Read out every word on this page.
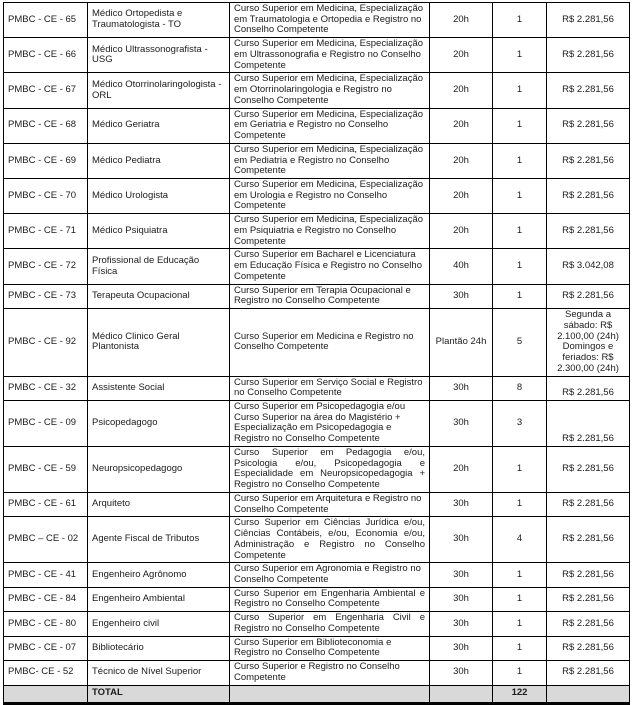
PMBC - CE - 65	Médico Ortopedista e Traumatologista - TO	Curso Superior em Medicina, Especialização em Traumatologia e Ortopedia e Registro no Conselho Competente	20h	1	R$ 2.281,56
PMBC - CE - 66	Médico Ultrassonografista - USG	Curso Superior em Medicina, Especialização em Ultrassonografia e Registro no Conselho Competente	20h	1	R$ 2.281,56
PMBC - CE - 67	Médico Otorrinolaringologista - ORL	Curso Superior em Medicina, Especialização em Otorrinolaringologia e Registro no Conselho Competente	20h	1	R$ 2.281,56
PMBC - CE - 68	Médico Geriatra	Curso Superior em Medicina, Especialização em Geriatria e Registro no Conselho Competente	20h	1	R$ 2.281,56
PMBC - CE - 69	Médico Pediatra	Curso Superior em Medicina, Especialização em Pediatria e Registro no Conselho Competente	20h	1	R$ 2.281,56
PMBC - CE - 70	Médico Urologista	Curso Superior em Medicina, Especialização em Urologia e Registro no Conselho Competente	20h	1	R$ 2.281,56
PMBC - CE - 71	Médico Psiquiatra	Curso Superior em Medicina, Especialização em Psiquiatria e Registro no Conselho Competente	20h	1	R$ 2.281,56
PMBC - CE - 72	Profissional de Educação Física	Curso Superior em Bacharel e Licenciatura em Educação Física e Registro no Conselho Competente	40h	1	R$ 3.042,08
PMBC - CE - 73	Terapeuta Ocupacional	Curso Superior em Terapia Ocupacional e Registro no Conselho Competente	30h	1	R$ 2.281,56
PMBC - CE - 92	Médico Clinico Geral Plantonista	Curso Superior em Medicina e Registro no Conselho Competente	Plantão 24h	5	Segunda a sábado: R$ 2.100,00 (24h) Domingos e feriados: R$ 2.300,00 (24h)
PMBC - CE - 32	Assistente Social	Curso Superior em Serviço Social e Registro no Conselho Competente	30h	8	R$ 2.281,56
PMBC - CE - 09	Psicopedagogo	Curso Superior em Psicopedagogia e/ou Curso Superior na área do Magistério + Especialização em Psicopedagogia e Registro no Conselho Competente	30h	3	R$ 2.281,56
PMBC - CE - 59	Neuropsicopedagogo	Curso Superior em Pedagogia e/ou, Psicologia e/ou, Psicopedagogia e Especialidade em Neuropsicopedagogia + Registro no Conselho Competente	20h	1	R$ 2.281,56
PMBC - CE - 61	Arquiteto	Curso Superior em Arquitetura e Registro no Conselho Competente	30h	1	R$ 2.281,56
PMBC – CE - 02	Agente Fiscal de Tributos	Curso Superior em Ciências Jurídica e/ou, Ciências Contábeis, e/ou, Economia e/ou, Administração e Registro no Conselho Competente	30h	4	R$ 2.281,56
PMBC - CE - 41	Engenheiro Agrônomo	Curso Superior em Agronomia e Registro no Conselho Competente	30h	1	R$ 2.281,56
PMBC - CE - 84	Engenheiro Ambiental	Curso Superior em Engenharia Ambiental e Registro no Conselho Competente	30h	1	R$ 2.281,56
PMBC - CE - 80	Engenheiro civil	Curso Superior em Engenharia Civil e Registro no Conselho Competente	30h	1	R$ 2.281,56
PMBC - CE - 07	Bibliotecário	Curso Superior em Biblioteconomia e Registro no Conselho Competente	30h	1	R$ 2.281,56
PMBC- CE - 52	Técnico de Nível Superior	Curso Superior e Registro no Conselho Competente	30h	1	R$ 2.281,56
	TOTAL			122	
